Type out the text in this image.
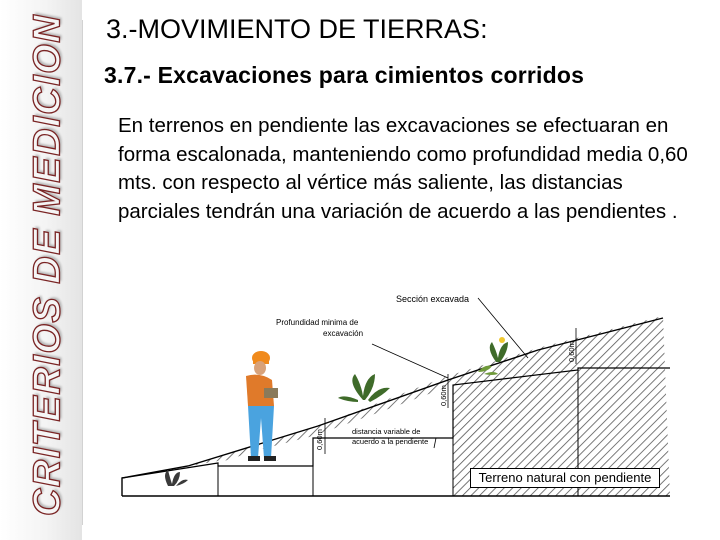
CRITERIOS DE MEDICION 3.-MOVIMIENTO DE TIERRAS:
3.7.- Excavaciones para cimientos corridos
En terrenos en pendiente las excavaciones se efectuaran en forma escalonada, manteniendo como profundidad media 0,60 mts. con respecto al vértice más saliente, las distancias parciales tendrán una variación de acuerdo a las pendientes .
Sección excavada
Profundidad minima de
excavación
distancia variable de
acuerdo a la pendiente
0,60m
0,60m
0,60m
Terreno natural con pendiente
